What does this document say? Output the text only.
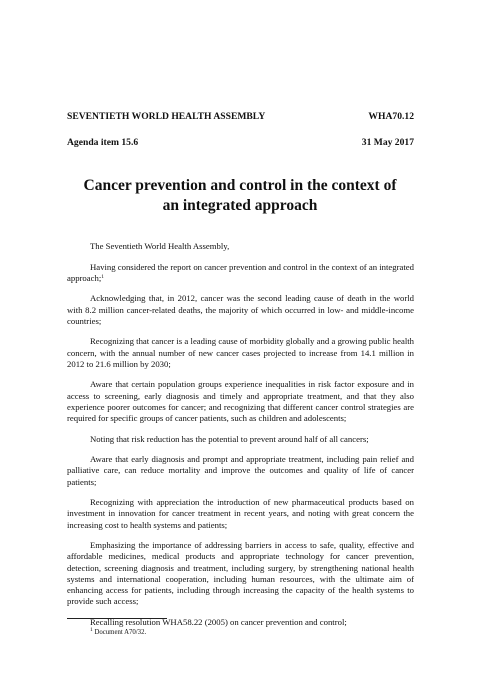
SEVENTIETH WORLD HEALTH ASSEMBLY	WHA70.12
Agenda item 15.6	31 May 2017
Cancer prevention and control in the context of
an integrated approach

The Seventieth World Health Assembly,

Having considered the report on cancer prevention and control in the context of an integrated approach;$^1$

Acknowledging that, in 2012, cancer was the second leading cause of death in the world with 8.2 million cancer-related deaths, the majority of which occurred in low- and middle-income countries;

Recognizing that cancer is a leading cause of morbidity globally and a growing public health concern, with the annual number of new cancer cases projected to increase from 14.1 million in 2012 to 21.6 million by 2030;

Aware that certain population groups experience inequalities in risk factor exposure and in access to screening, early diagnosis and timely and appropriate treatment, and that they also experience poorer outcomes for cancer; and recognizing that different cancer control strategies are required for specific groups of cancer patients, such as children and adolescents;

Noting that risk reduction has the potential to prevent around half of all cancers;

Aware that early diagnosis and prompt and appropriate treatment, including pain relief and palliative care, can reduce mortality and improve the outcomes and quality of life of cancer patients;

Recognizing with appreciation the introduction of new pharmaceutical products based on investment in innovation for cancer treatment in recent years, and noting with great concern the increasing cost to health systems and patients;

Emphasizing the importance of addressing barriers in access to safe, quality, effective and affordable medicines, medical products and appropriate technology for cancer prevention, detection, screening diagnosis and treatment, including surgery, by strengthening national health systems and international cooperation, including human resources, with the ultimate aim of enhancing access for patients, including through increasing the capacity of the health systems to provide such access;

Recalling resolution WHA58.22 (2005) on cancer prevention and control;

$^1$ Document A70/32.
